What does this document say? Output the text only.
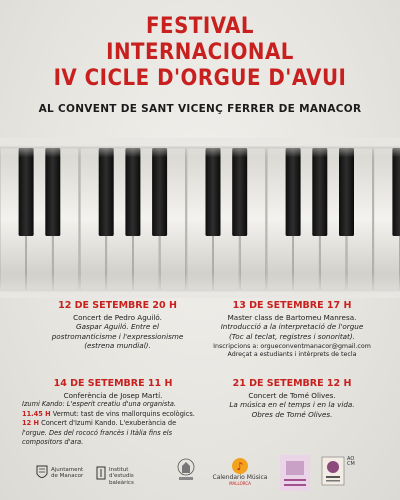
FESTIVAL
INTERNACIONAL
IV CICLE D'ORGUE D'AVUI
AL CONVENT DE SANT VICENÇ FERRER DE MANACOR
12 DE SETEMBRE 20 H
Concert de Pedro Aguiló.
Gaspar Aguiló. Entre el
postromanticisme i l'expressionisme
(estrena mundial).
13 DE SETEMBRE 17 H
Master class de Bartomeu Manresa.
Introducció a la interpretació de l'orgue
(Toc al teclat, registres i sonoritat).
Inscripcions a: orgueconventmanacor@gmail.com
Adreçat a estudiants i intèrprets de tecla
14 DE SETEMBRE 11 H
Conferència de Josep Martí.
Izumi Kando: L'esperit creatiu d'una organista.
11.45 H Vermut: tast de vins mallorquins ecològics.
12 H Concert d'Izumi Kando. L'exuberància de
l'orgue. Des del rococó francès i Itàlia fins els
compositors d'ara.
21 DE SETEMBRE 12 H
Concert de Tomé Olives.
La música en el temps i en la vida.
Obres de Tomé Olives.
Ajuntament de Manacor
Institut d'estudis baleàrics
♪
Calendario Música
MALLORCA
AOCM
